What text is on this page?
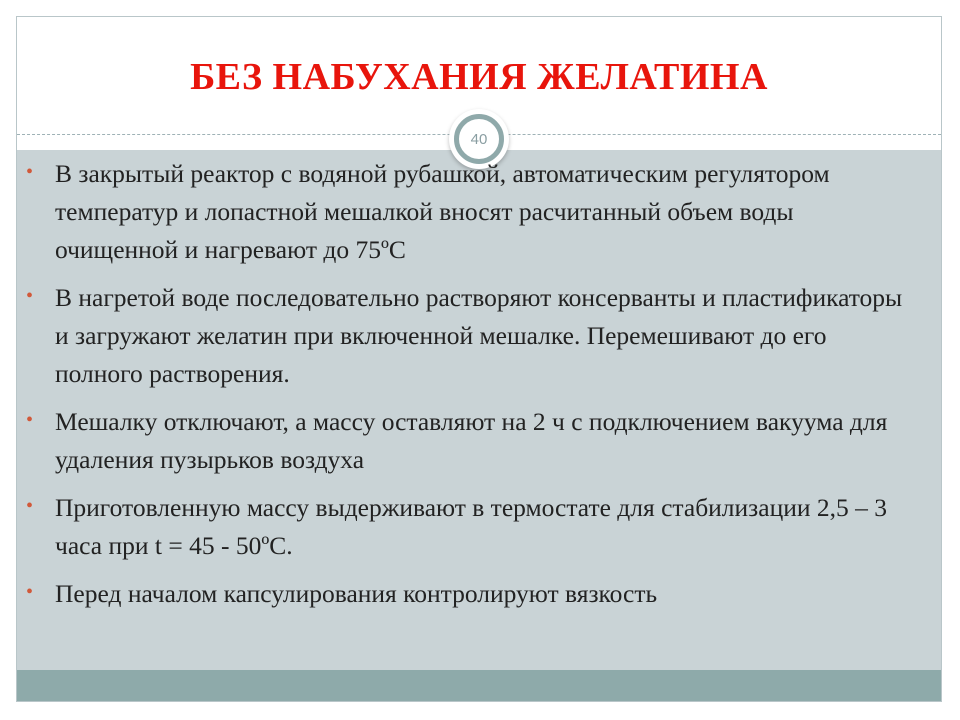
БЕЗ НАБУХАНИЯ ЖЕЛАТИНА
40
• В закрытый реактор с водяной рубашкой, автоматическим регулятором температур и лопастной мешалкой вносят расчитанный объем воды очищенной и нагревают до 75ºС
• В нагретой воде последовательно растворяют консерванты и пластификаторы и загружают желатин при включенной мешалке. Перемешивают до его полного растворения.
• Мешалку отключают, а массу оставляют на 2 ч с подключением вакуума для удаления пузырьков воздуха
• Приготовленную массу выдерживают в термостате для стабилизации 2,5 – 3 часа при t = 45 - 50ºС.
• Перед началом капсулирования контролируют вязкость
